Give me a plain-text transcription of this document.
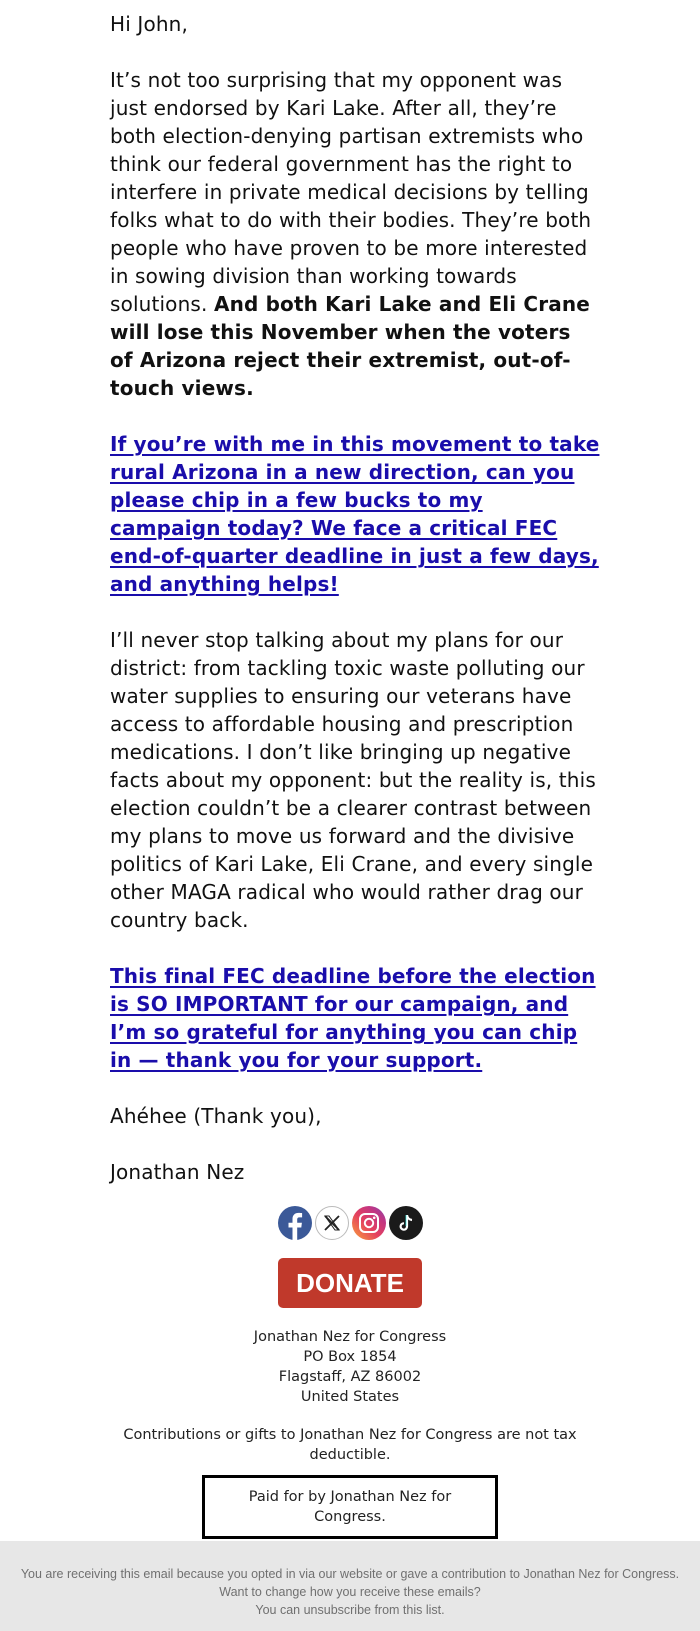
Hi John,

It’s not too surprising that my opponent was just endorsed by Kari Lake. After all, they’re both election-denying partisan extremists who think our federal government has the right to interfere in private medical decisions by telling folks what to do with their bodies. They’re both people who have proven to be more interested in sowing division than working towards solutions. And both Kari Lake and Eli Crane will lose this November when the voters of Arizona reject their extremist, out-of-touch views.

If you’re with me in this movement to take rural Arizona in a new direction, can you please chip in a few bucks to my campaign today? We face a critical FEC end-of-quarter deadline in just a few days, and anything helps!

I’ll never stop talking about my plans for our district: from tackling toxic waste polluting our water supplies to ensuring our veterans have access to affordable housing and prescription medications. I don’t like bringing up negative facts about my opponent: but the reality is, this election couldn’t be a clearer contrast between my plans to move us forward and the divisive politics of Kari Lake, Eli Crane, and every single other MAGA radical who would rather drag our country back.

This final FEC deadline before the election is SO IMPORTANT for our campaign, and I’m so grateful for anything you can chip in — thank you for your support.

Ahéhee (Thank you),

Jonathan Nez

DONATE
Jonathan Nez for Congress
PO Box 1854
Flagstaff, AZ 86002
United States
Contributions or gifts to Jonathan Nez for Congress are not tax deductible.
Paid for by Jonathan Nez for Congress.
You are receiving this email because you opted in via our website or gave a contribution to Jonathan Nez for Congress. Want to change how you receive these emails?
You can unsubscribe from this list.
